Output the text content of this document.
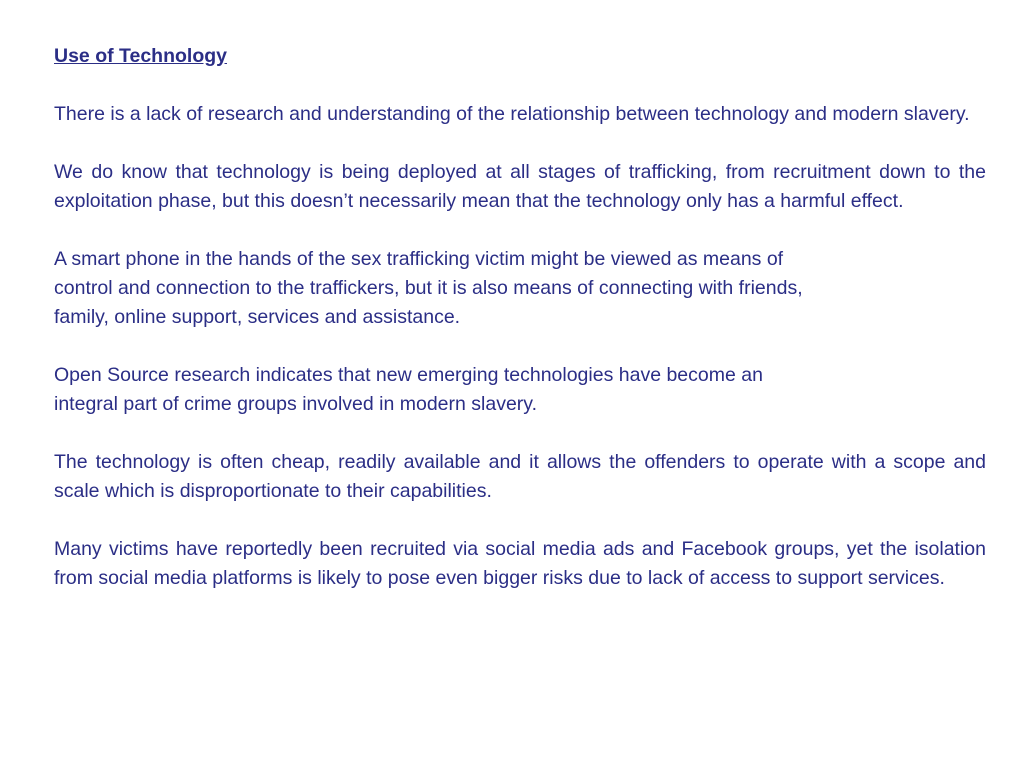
Use of Technology

There is a lack of research and understanding of the relationship between technology and modern slavery.

We do know that technology is being deployed at all stages of trafficking, from recruitment down to the exploitation phase, but this doesn’t necessarily mean that the technology only has a harmful effect.

A smart phone in the hands of the sex trafficking victim might be viewed as means of
control and connection to the traffickers, but it is also means of connecting with friends,
family, online support, services and assistance.

Open Source research indicates that new emerging technologies have become an
integral part of crime groups involved in modern slavery.

The technology is often cheap, readily available and it allows the offenders to operate with a scope and scale which is disproportionate to their capabilities.

Many victims have reportedly been recruited via social media ads and Facebook groups, yet the isolation from social media platforms is likely to pose even bigger risks due to lack of access to support services.
